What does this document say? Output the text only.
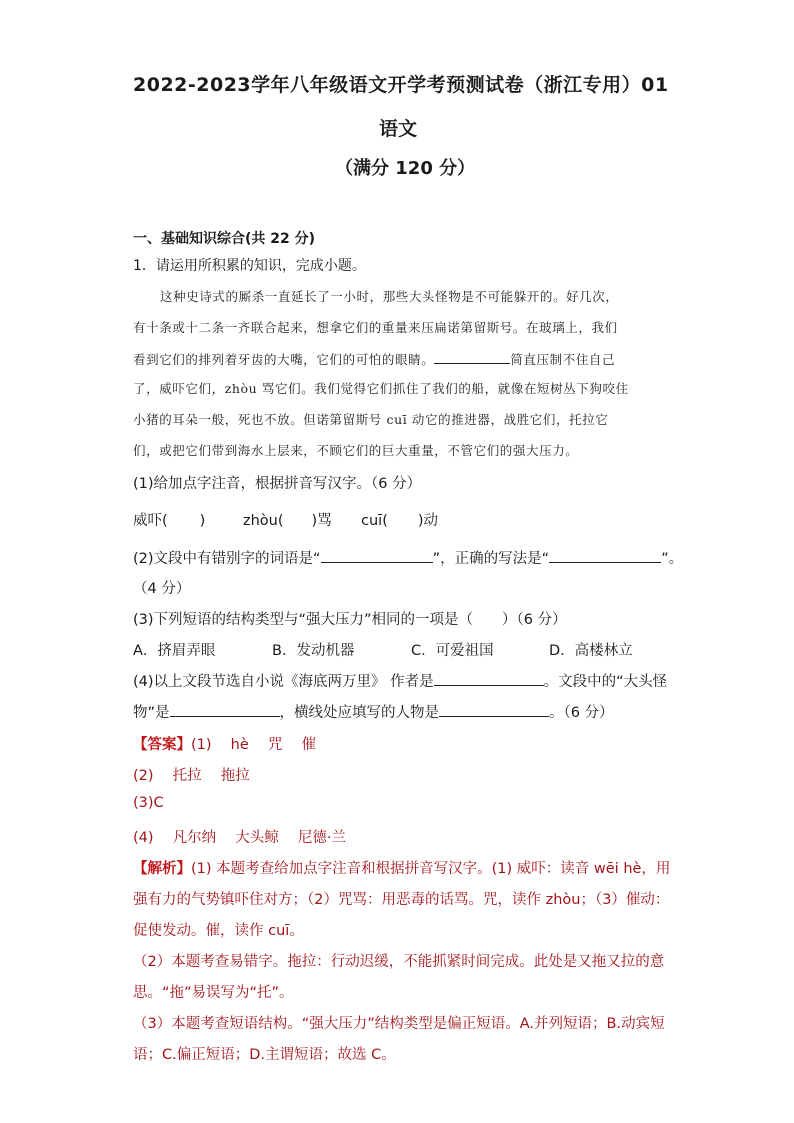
2022-2023学年八年级语文开学考预测试卷（浙江专用）01
语文
（满分 120 分）
一、基础知识综合(共 22 分)
1．请运用所积累的知识，完成小题。
这种史诗式的厮杀一直延长了一小时，那些大头怪物是不可能躲开的。好几次，
有十条或十二条一齐联合起来，想拿它们的重量来压扁诺第留斯号。在玻璃上，我们
看到它们的排列着牙齿的大嘴，它们的可怕的眼睛。	简直压制不住自己
了，威吓它们，zhòu 骂它们。我们觉得它们抓住了我们的船，就像在短树丛下狗咬住
小猪的耳朵一般，死也不放。但诺第留斯号 cuī 动它的推进器，战胜它们，托拉它
们，或把它们带到海水上层来，不顾它们的巨大重量，不管它们的强大压力。
(1)给加点字注音，根据拼音写汉字。（6 分）
威吓( )	zhòu( )骂 cuī( )动
(2)文段中有错别字的词语是“	”，正确的写法是“	”。
（4 分）
(3)下列短语的结构类型与“强大压力”相同的一项是（　　）（6 分）
A．挤眉弄眼	B．发动机器	C．可爱祖国	D．高楼林立
(4)以上文段节选自小说《海底两万里》 作者是	。文段中的“大头怪
物”是	，横线处应填写的人物是	。（6 分）
【答案】(1)　 hè　 咒　 催
(2)　 托拉　 拖拉
(3)C
(4)　 凡尔纳　 大头鲸　 尼德·兰
【解析】(1) 本题考查给加点字注音和根据拼音写汉字。(1) 威吓：读音 wēi hè，用
强有力的气势镇吓住对方；（2）咒骂：用恶毒的话骂。咒，读作 zhòu；（3）催动：
促使发动。催，读作 cuī。
（2）本题考查易错字。拖拉：行动迟缓，不能抓紧时间完成。此处是又拖又拉的意
思。“拖”易误写为“托”。
（3）本题考查短语结构。“强大压力”结构类型是偏正短语。A.并列短语；B.动宾短
语；C.偏正短语；D.主谓短语；故选 C。
